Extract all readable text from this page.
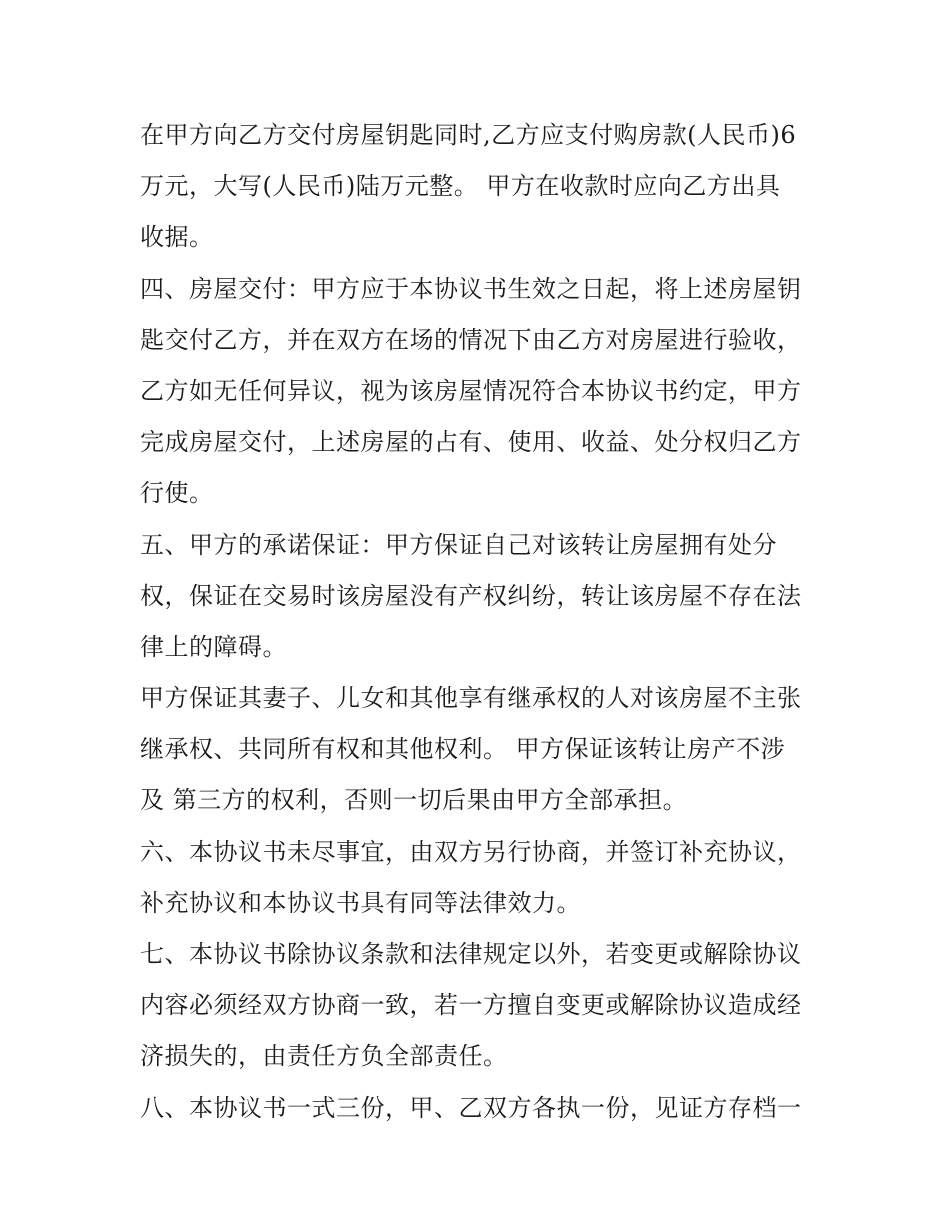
在甲方向乙方交付房屋钥匙同时,乙方应支付购房款(人民币)6
万元，大写(人民币)陆万元整。 甲方在收款时应向乙方出具
收据。
四、房屋交付：甲方应于本协议书生效之日起，将上述房屋钥
匙交付乙方，并在双方在场的情况下由乙方对房屋进行验收，
乙方如无任何异议，视为该房屋情况符合本协议书约定，甲方
完成房屋交付，上述房屋的占有、使用、收益、处分权归乙方
行使。
五、甲方的承诺保证：甲方保证自己对该转让房屋拥有处分
权，保证在交易时该房屋没有产权纠纷，转让该房屋不存在法
律上的障碍。
甲方保证其妻子、儿女和其他享有继承权的人对该房屋不主张
继承权、共同所有权和其他权利。 甲方保证该转让房产不涉
及 第三方的权利，否则一切后果由甲方全部承担。
六、本协议书未尽事宜，由双方另行协商，并签订补充协议，
补充协议和本协议书具有同等法律效力。
七、本协议书除协议条款和法律规定以外，若变更或解除协议
内容必须经双方协商一致，若一方擅自变更或解除协议造成经
济损失的，由责任方负全部责任。
八、本协议书一式三份，甲、乙双方各执一份，见证方存档一
